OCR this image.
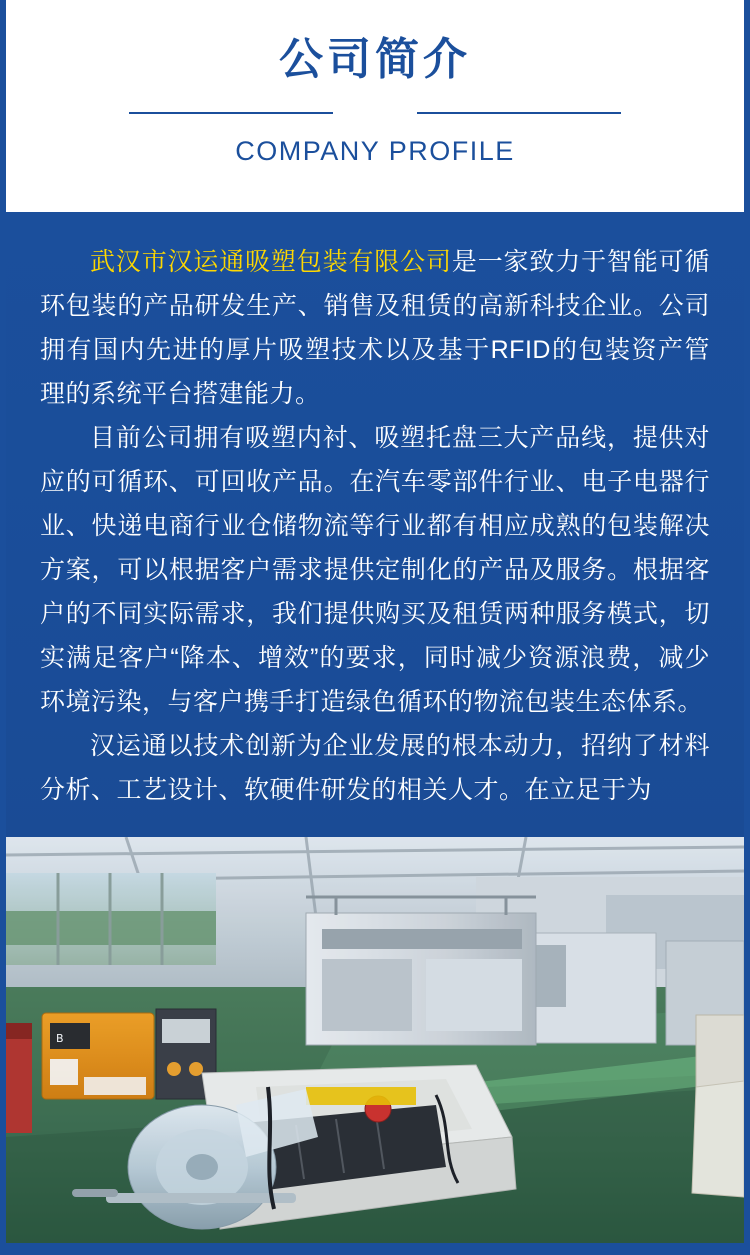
公司简介
COMPANY PROFILE

武汉市汉运通吸塑包装有限公司是一家致力于智能可循环包装的产品研发生产、销售及租赁的高新科技企业。公司拥有国内先进的厚片吸塑技术以及基于RFID的包装资产管理的系统平台搭建能力。

目前公司拥有吸塑内衬、吸塑托盘三大产品线，提供对应的可循环、可回收产品。在汽车零部件行业、电子电器行业、快递电商行业仓储物流等行业都有相应成熟的包装解决方案，可以根据客户需求提供定制化的产品及服务。根据客户的不同实际需求，我们提供购买及租赁两种服务模式，切实满足客户“降本、增效”的要求，同时减少资源浪费，减少环境污染，与客户携手打造绿色循环的物流包装生态体系。

汉运通以技术创新为企业发展的根本动力，招纳了材料分析、工艺设计、软硬件研发的相关人才。在立足于为

B
